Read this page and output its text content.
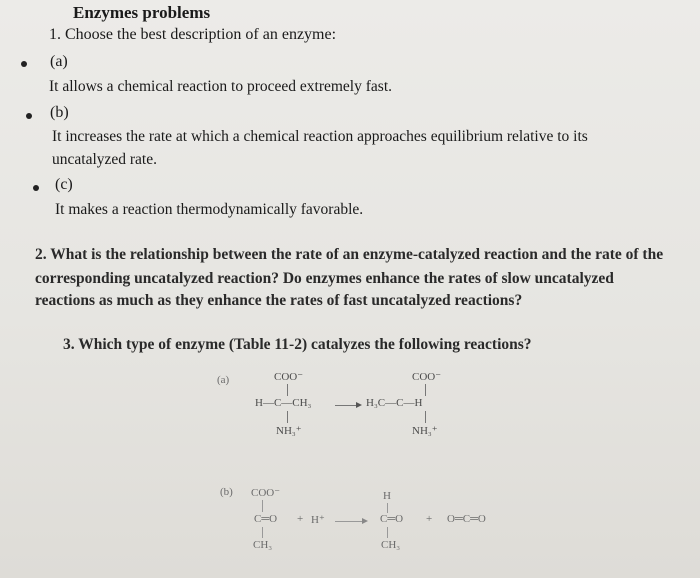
Enzymes problems
1. Choose the best description of an enzyme:
(a)
It allows a chemical reaction to proceed extremely fast.
(b)
It increases the rate at which a chemical reaction approaches equilibrium relative to its
uncatalyzed rate.
(c)
It makes a reaction thermodynamically favorable.
2. What is the relationship between the rate of an enzyme-catalyzed reaction and the rate of the
corresponding uncatalyzed reaction? Do enzymes enhance the rates of slow uncatalyzed
reactions as much as they enhance the rates of fast uncatalyzed reactions?
3. Which type of enzyme (Table 11-2) catalyzes the following reactions?
(a)	COO⁻
H—C—CH₃
NH₃⁺
COO⁻
H₃C—C—H
NH₃⁺
(b) COO⁻
C═O
CH₃
+ H⁺
H
C═O
CH₃
+ O═C═O
